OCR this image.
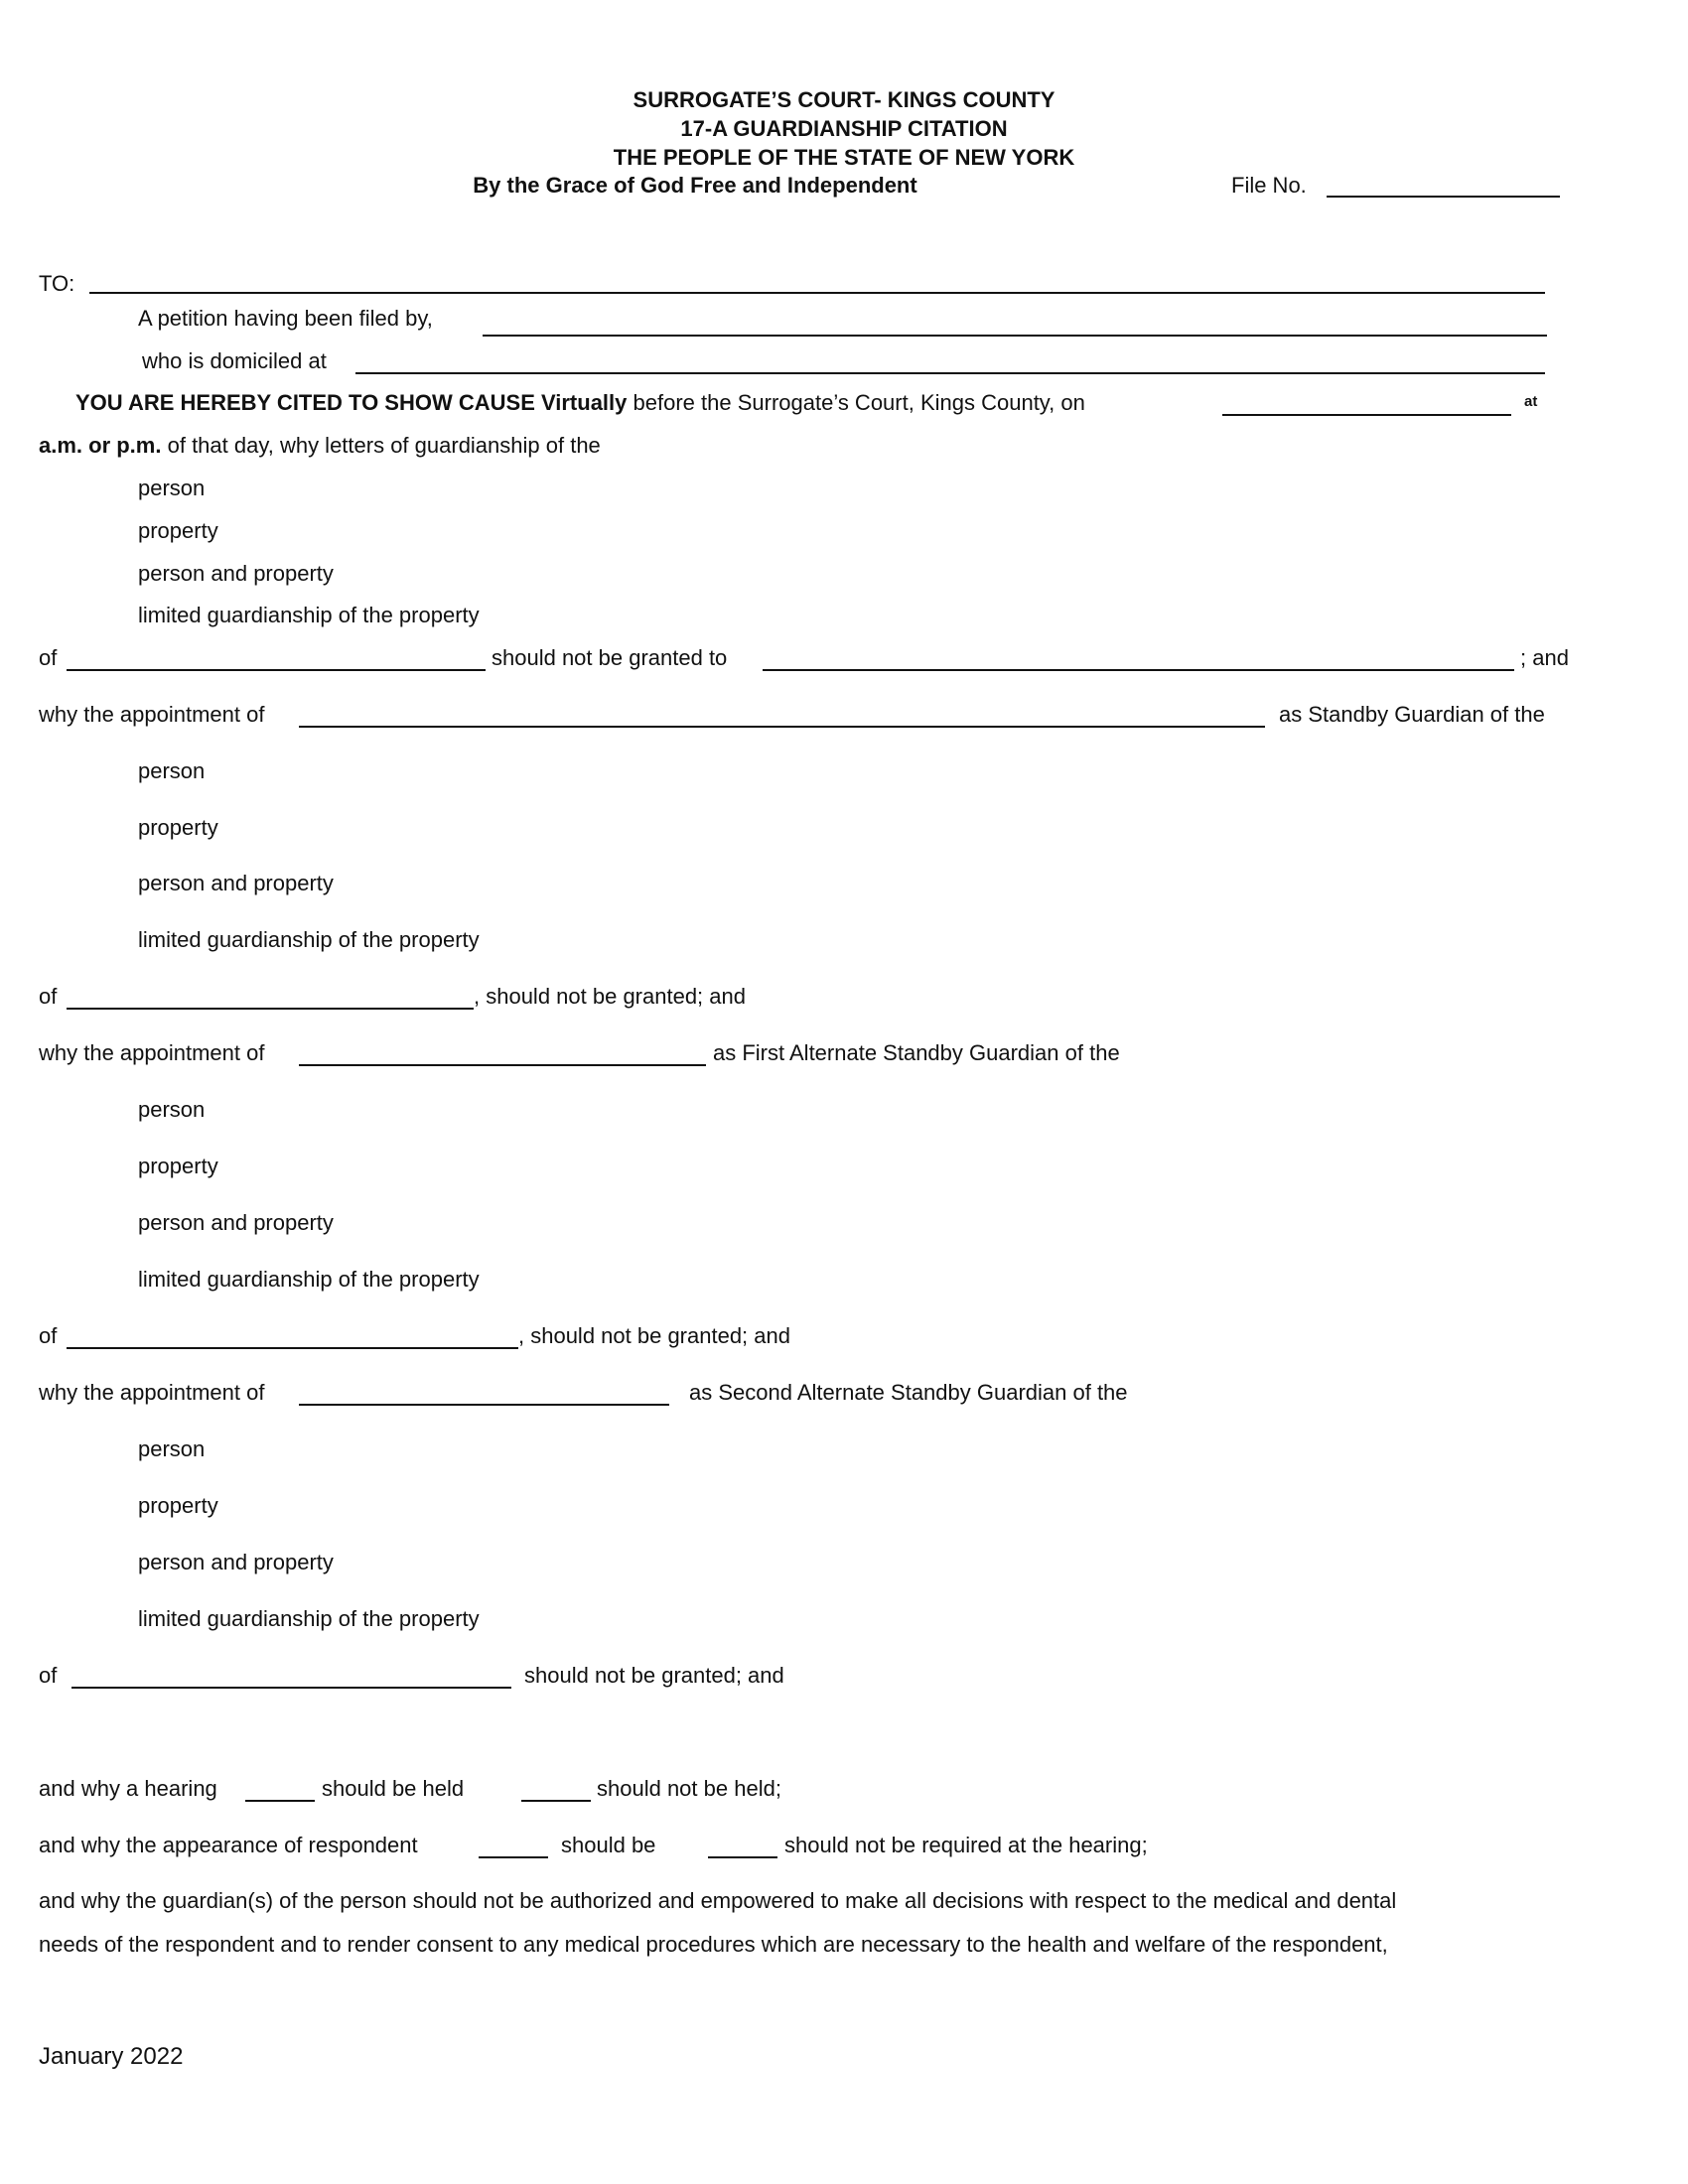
SURROGATE’S COURT- KINGS COUNTY
17-A GUARDIANSHIP CITATION
THE PEOPLE OF THE STATE OF NEW YORK
By the Grace of God Free and Independent	File No.
TO:
A petition having been filed by,
who is domiciled at
YOU ARE HEREBY CITED TO SHOW CAUSE Virtually before the Surrogate’s Court, Kings County, on	at
a.m. or p.m. of that day, why letters of guardianship of the
person
property
person and property
limited guardianship of the property
of	should not be granted to	; and
why the appointment of	as Standby Guardian of the
person
property
person and property
limited guardianship of the property
of	, should not be granted; and
why the appointment of	as First Alternate Standby Guardian of the
person
property
person and property
limited guardianship of the property
of	, should not be granted; and
why the appointment of	as Second Alternate Standby Guardian of the
person
property
person and property
limited guardianship of the property
of	should not be granted; and
and why a hearing	should be held	should not be held;
and why the appearance of respondent	should be	should not be required at the hearing;
and why the guardian(s) of the person should not be authorized and empowered to make all decisions with respect to the medical and dental
needs of the respondent and to render consent to any medical procedures which are necessary to the health and welfare of the respondent,
January 2022
